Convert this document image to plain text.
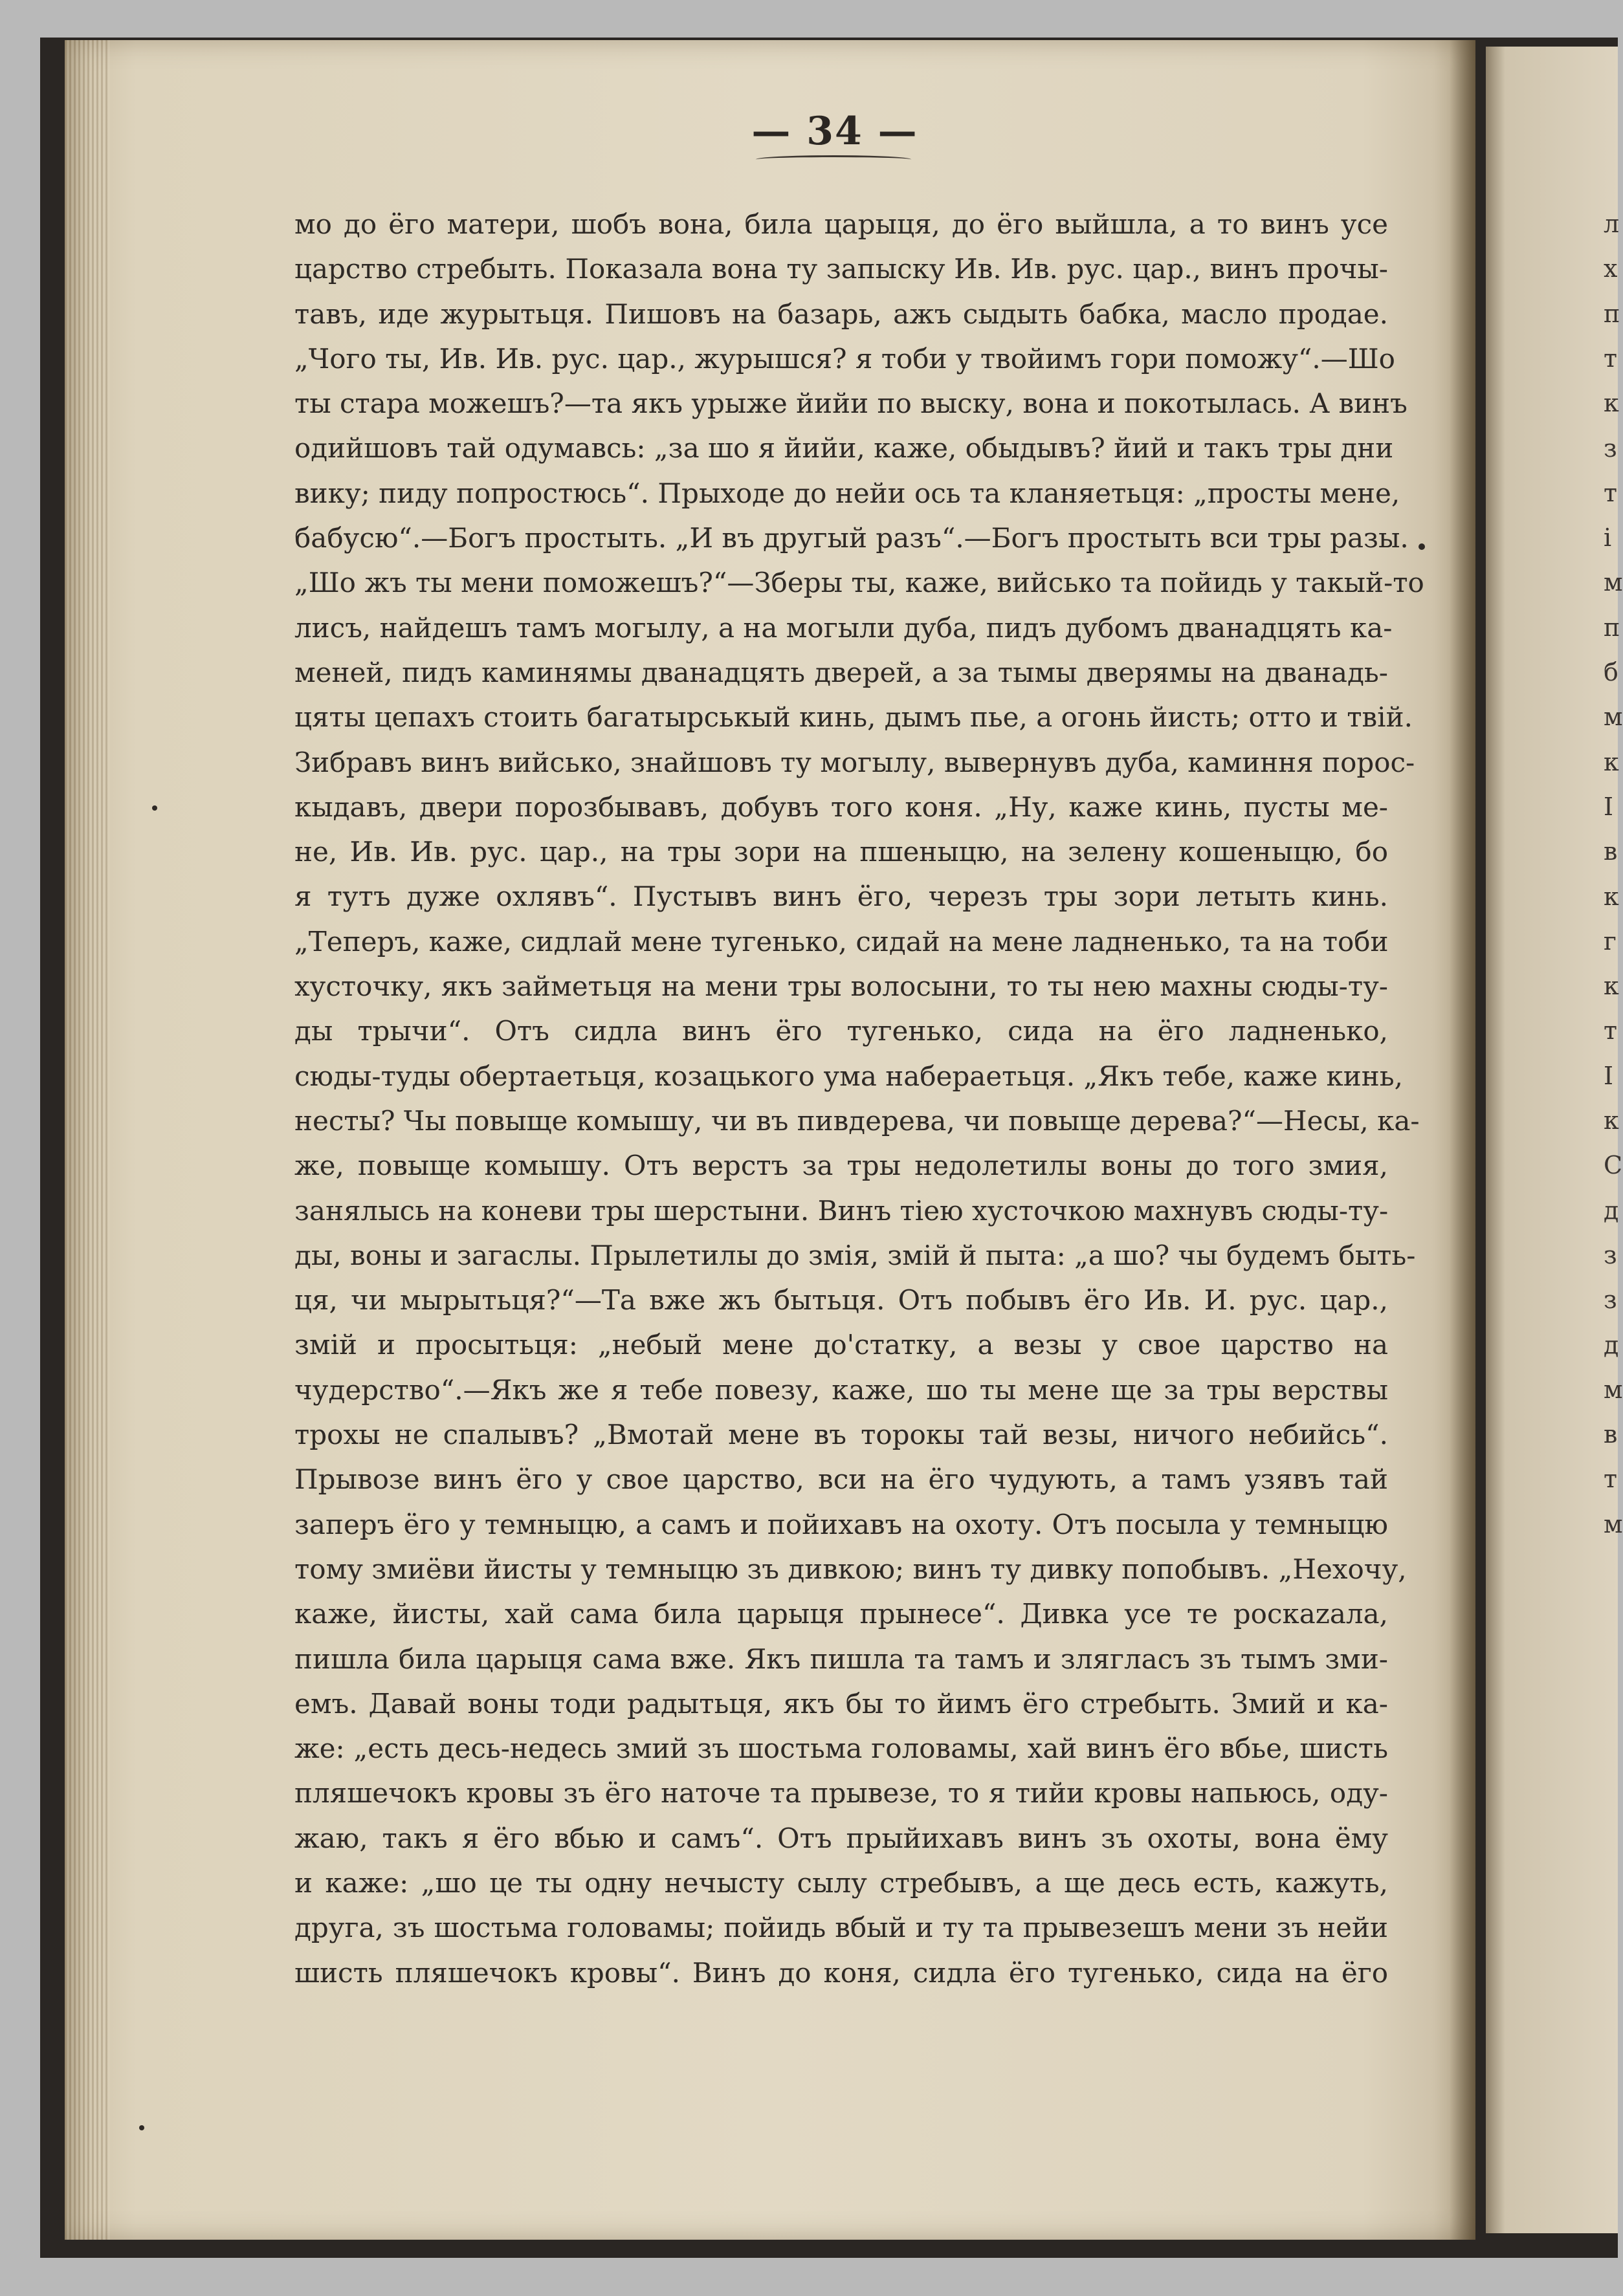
л
х
п
т
к
з
т
і
м
п
б
м
к
I
в
к
г
к
т
I
к
С
д
з
з
д
м
в
т
м
— 34 —
мо до ёго матери, шобъ вона, била царыця, до ёго выйшла, а то винъ усе
царство стребыть. Показала вона ту запыску Ив. Ив. рус. цар., винъ прочы-
тавъ, иде журытьця. Пишовъ на базарь, ажъ сыдыть бабка, масло продае.
„Чого ты, Ив. Ив. рус. цар., журышся? я тоби у твойимъ гори поможу“.—Шо
ты стара можешъ?—та якъ урыже йийи по выску, вона и покотылась. А винъ
одийшовъ тай одумавсь: „за шо я йийи, каже, обыдывъ? йий и такъ тры дни
вику; пиду попростюсь“. Прыходе до нейи ось та кланяетьця: „просты мене,
бабусю“.—Богъ простыть. „И въ другый разъ“.—Богъ простыть вси тры разы.
„Шо жъ ты мени поможешъ?“—Зберы ты, каже, вийсько та пойидь у такый-то
лисъ, найдешъ тамъ могылу, а на могыли дуба, пидъ дубомъ дванадцять ка-
меней, пидъ каминямы дванадцять дверей, а за тымы дверямы на дванадь-
цяты цепахъ стоить багатырськый кинь, дымъ пье, а огонь йисть; отто и твій.
Зибравъ винъ вийсько, знайшовъ ту могылу, вывернувъ дуба, каминня порос-
кыдавъ, двери порозбывавъ, добувъ того коня. „Ну, каже кинь, пусты ме-
не, Ив. Ив. рус. цар., на тры зори на пшеныцю, на зелену кошеныцю, бо
я тутъ дуже охлявъ“. Пустывъ винъ ёго, черезъ тры зори летыть кинь.
„Теперъ, каже, сидлай мене тугенько, сидай на мене ладненько, та на тоби
хусточку, якъ займетьця на мени тры волосыни, то ты нею махны сюды-ту-
ды трычи“. Отъ сидла винъ ёго тугенько, сида на ёго ладненько,
сюды-туды обертаетьця, козацького ума набераетьця. „Якъ тебе, каже кинь,
несты? Чы повыще комышу, чи въ пивдерева, чи повыще дерева?“—Несы, ка-
же, повыще комышу. Отъ верстъ за тры недолетилы воны до того змия,
занялысь на коневи тры шерстыни. Винъ тiею хусточкою махнувъ сюды-ту-
ды, воны и загаслы. Прылетилы до змія, змій й пыта: „а шо? чы будемъ быть-
ця, чи мырытьця?“—Та вже жъ бытьця. Отъ побывъ ёго Ив. И. рус. цар.,
змій и просытьця: „небый мене до'статку, а везы у свое царство на
чудерство“.—Якъ же я тебе повезу, каже, шо ты мене ще за тры верствы
трохы не спалывъ? „Вмотай мене въ торокы тай везы, ничого небийсь“.
Прывозе винъ ёго у свое царство, вси на ёго чудують, а тамъ узявъ тай
заперъ ёго у темныцю, а самъ и пойихавъ на охоту. Отъ посыла у темныцю
тому змиёви йисты у темныцю зъ дивкою; винъ ту дивку попобывъ. „Нехочу,
каже, йисты, хай сама била царыця прынесе“. Дивка усе те роскazала,
пишла била царыця сама вже. Якъ пишла та тамъ и злягласъ зъ тымъ зми-
емъ. Давай воны тоди радытьця, якъ бы то йимъ ёго стребыть. Змий и ка-
же: „есть десь-недесь змий зъ шостьма головамы, хай винъ ёго вбье, шисть
пляшечокъ кровы зъ ёго наточе та прывезе, то я тийи кровы напьюсь, оду-
жаю, такъ я ёго вбью и самъ“. Отъ прыйихавъ винъ зъ охоты, вона ёму
и каже: „шо це ты одну нечысту сылу стребывъ, а ще десь есть, кажуть,
друга, зъ шостьма головамы; пойидь вбый и ту та прывезешъ мени зъ нейи
шисть пляшечокъ кровы“. Винъ до коня, сидла ёго тугенько, сида на ёго
